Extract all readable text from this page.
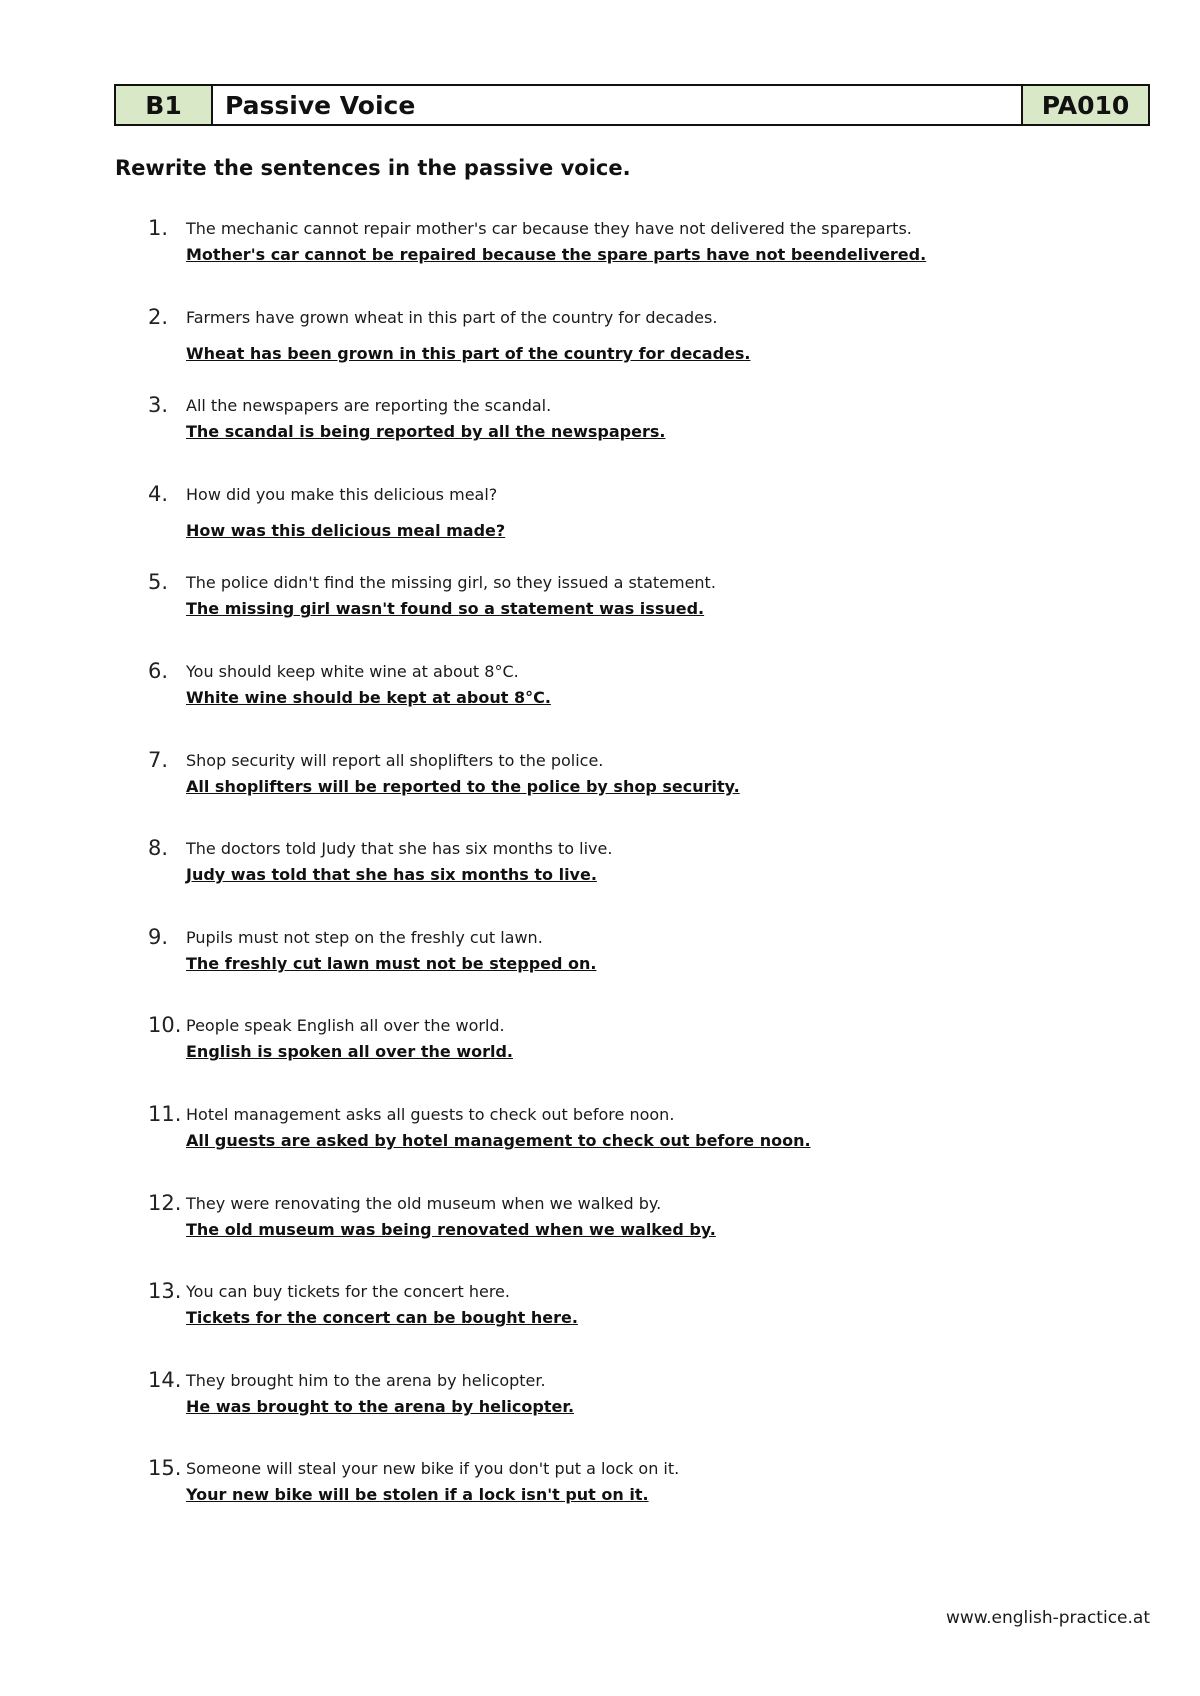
B1	Passive Voice	PA010

Rewrite the sentences in the passive voice.

1. The mechanic cannot repair mother's car because they have not delivered the spareparts.
Mother's car cannot be repaired because the spare parts have not beendelivered.
2. Farmers have grown wheat in this part of the country for decades.
Wheat has been grown in this part of the country for decades.
3. All the newspapers are reporting the scandal.
The scandal is being reported by all the newspapers.
4. How did you make this delicious meal?
How was this delicious meal made?
5. The police didn't find the missing girl, so they issued a statement.
The missing girl wasn't found so a statement was issued.
6. You should keep white wine at about 8°C.
White wine should be kept at about 8°C.
7. Shop security will report all shoplifters to the police.
All shoplifters will be reported to the police by shop security.
8. The doctors told Judy that she has six months to live.
Judy was told that she has six months to live.
9. Pupils must not step on the freshly cut lawn.
The freshly cut lawn must not be stepped on.
10. People speak English all over the world.
English is spoken all over the world.
11. Hotel management asks all guests to check out before noon.
All guests are asked by hotel management to check out before noon.
12. They were renovating the old museum when we walked by.
The old museum was being renovated when we walked by.
13. You can buy tickets for the concert here.
Tickets for the concert can be bought here.
14. They brought him to the arena by helicopter.
He was brought to the arena by helicopter.
15. Someone will steal your new bike if you don't put a lock on it.
Your new bike will be stolen if a lock isn't put on it.
www.english-practice.at
